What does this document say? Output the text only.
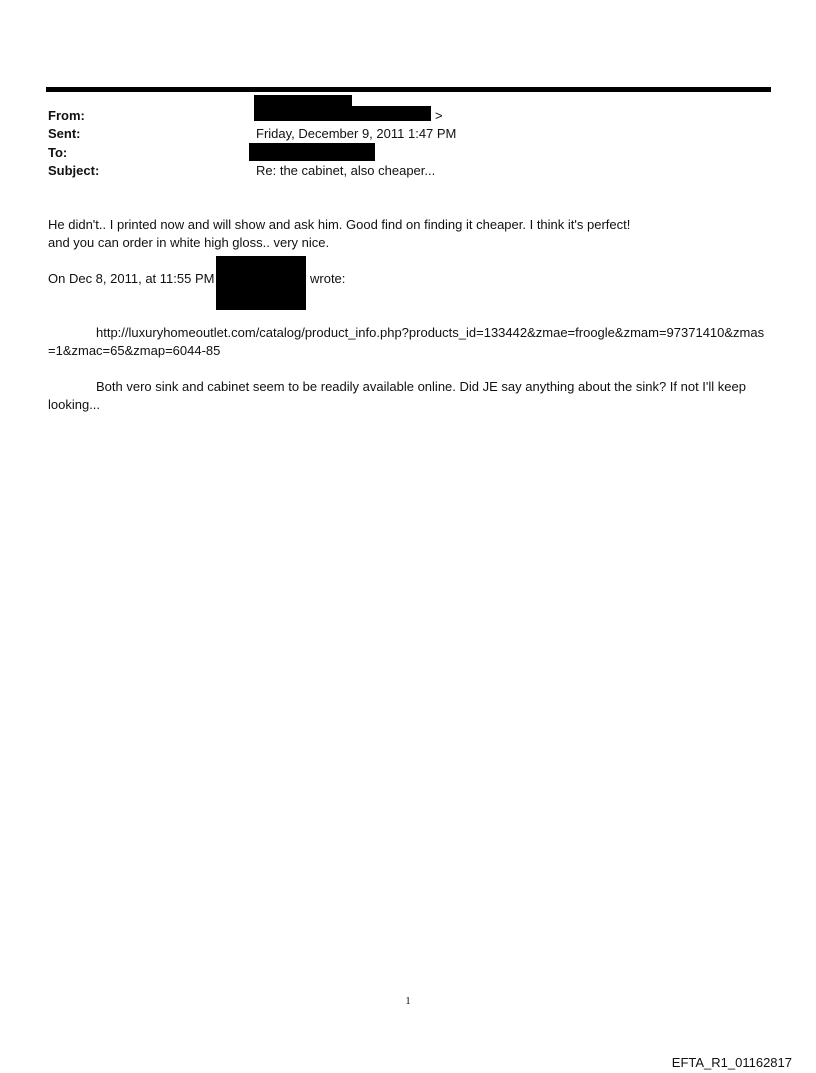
From:
Sent:
To:
Subject:
>
Friday, December 9, 2011 1:47 PM
Re: the cabinet, also cheaper...
He didn't.. I printed now and will show and ask him. Good find on finding it cheaper. I think it's perfect!
and you can order in white high gloss.. very nice.
On Dec 8, 2011, at 11:55 PM	wrote:
http://luxuryhomeoutlet.com/catalog/product_info.php?products_id=133442&zmae=froogle&zmam=97371410&zmas=1&zmac=65&zmap=6044-85
Both vero sink and cabinet seem to be readily available online. Did JE say anything about the sink? If not I'll keep looking...
1
EFTA_R1_01162817
